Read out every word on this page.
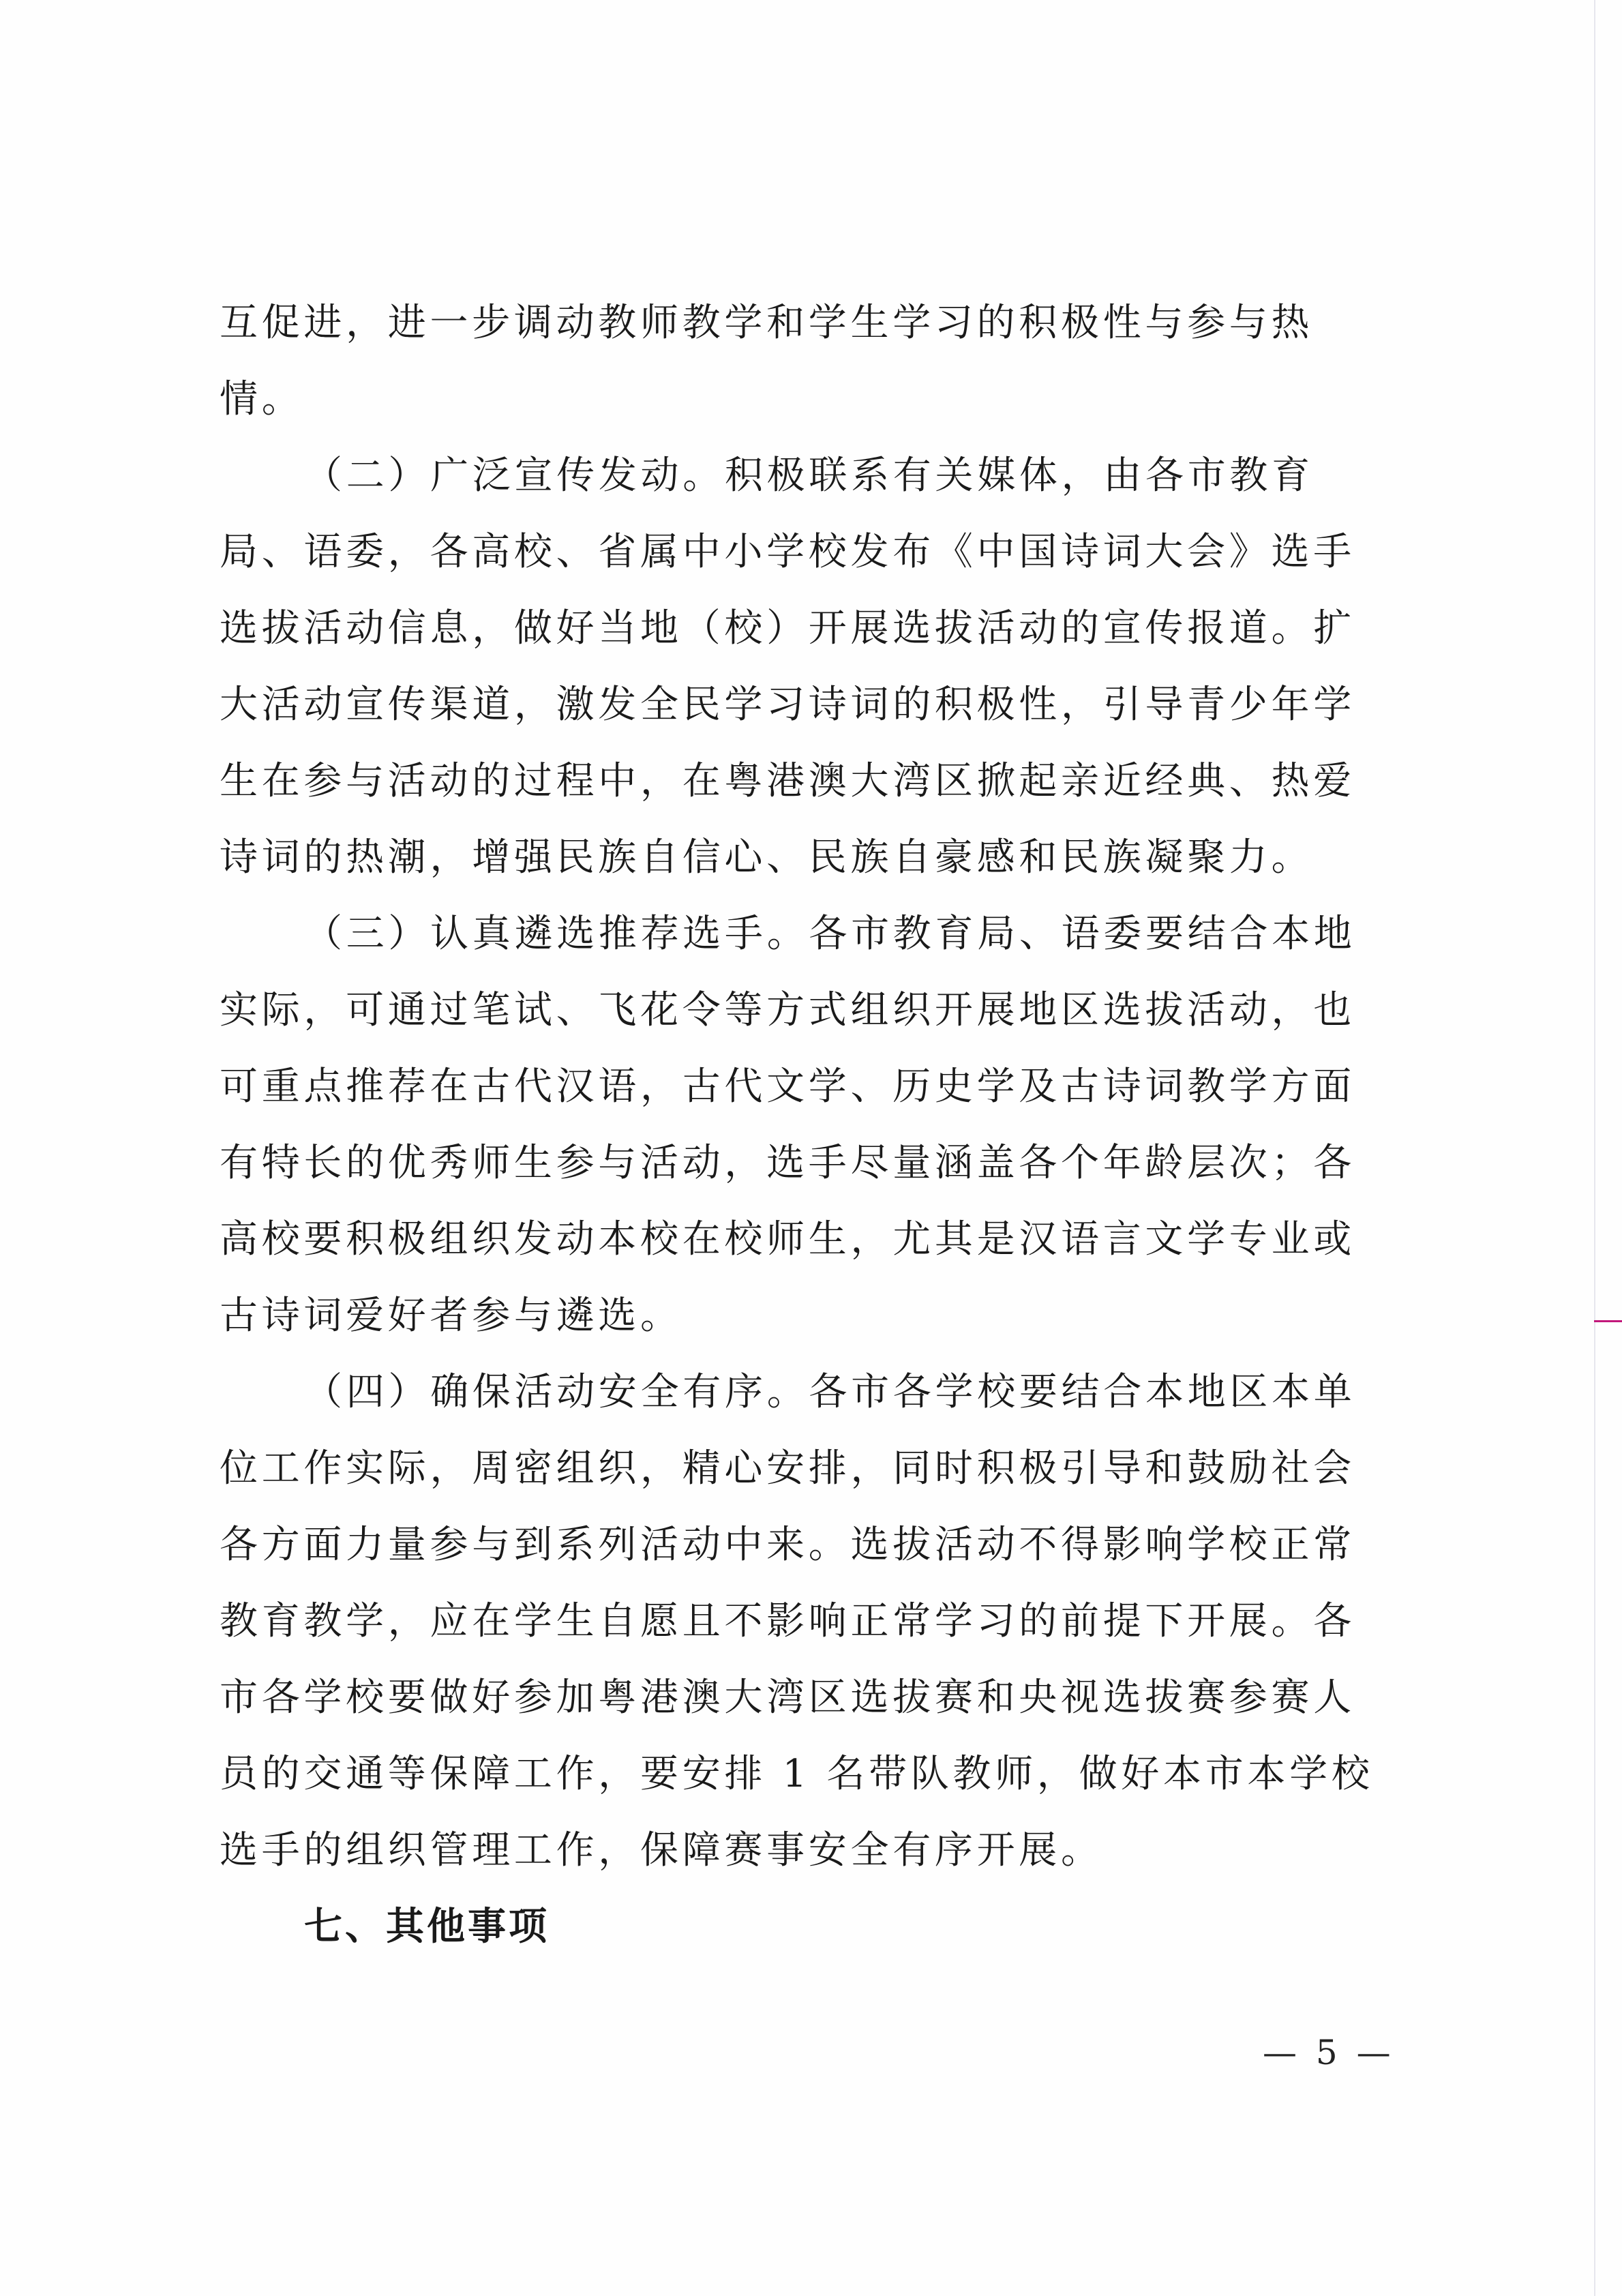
互促进，进一步调动教师教学和学生学习的积极性与参与热
情。
（二）广泛宣传发动。积极联系有关媒体，由各市教育
局、语委，各高校、省属中小学校发布《中国诗词大会》选手
选拔活动信息，做好当地（校）开展选拔活动的宣传报道。扩
大活动宣传渠道，激发全民学习诗词的积极性，引导青少年学
生在参与活动的过程中，在粤港澳大湾区掀起亲近经典、热爱
诗词的热潮，增强民族自信心、民族自豪感和民族凝聚力。
（三）认真遴选推荐选手。各市教育局、语委要结合本地
实际，可通过笔试、飞花令等方式组织开展地区选拔活动，也
可重点推荐在古代汉语，古代文学、历史学及古诗词教学方面
有特长的优秀师生参与活动，选手尽量涵盖各个年龄层次；各
高校要积极组织发动本校在校师生，尤其是汉语言文学专业或
古诗词爱好者参与遴选。
（四）确保活动安全有序。各市各学校要结合本地区本单
位工作实际，周密组织，精心安排，同时积极引导和鼓励社会
各方面力量参与到系列活动中来。选拔活动不得影响学校正常
教育教学，应在学生自愿且不影响正常学习的前提下开展。各
市各学校要做好参加粤港澳大湾区选拔赛和央视选拔赛参赛人
员的交通等保障工作，要安排 1 名带队教师，做好本市本学校
选手的组织管理工作，保障赛事安全有序开展。
七、其他事项
— 5 —
